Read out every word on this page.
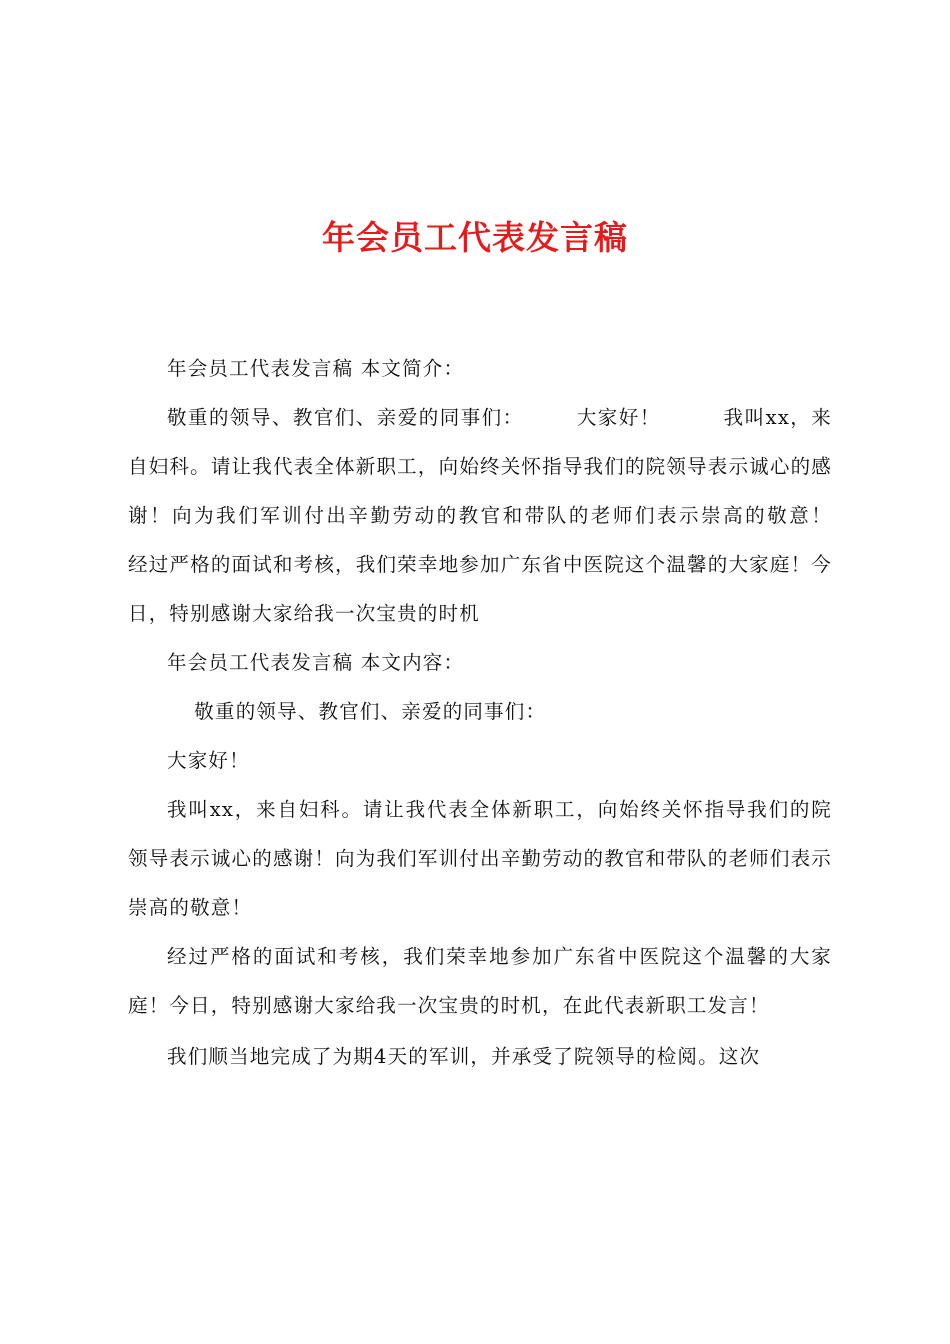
年会员工代表发言稿

年会员工代表发言稿 本文简介：

敬重的领导、教官们、亲爱的同事们：　　　大家好！　　　我叫xx，来自妇科。请让我代表全体新职工，向始终关怀指导我们的院领导表示诚心的感谢！向为我们军训付出辛勤劳动的教官和带队的老师们表示崇高的敬意！　　　经过严格的面试和考核，我们荣幸地参加广东省中医院这个温馨的大家庭！今日，特别感谢大家给我一次宝贵的时机

年会员工代表发言稿 本文内容：

敬重的领导、教官们、亲爱的同事们：

大家好！

我叫xx，来自妇科。请让我代表全体新职工，向始终关怀指导我们的院领导表示诚心的感谢！向为我们军训付出辛勤劳动的教官和带队的老师们表示崇高的敬意！

经过严格的面试和考核，我们荣幸地参加广东省中医院这个温馨的大家庭！今日，特别感谢大家给我一次宝贵的时机，在此代表新职工发言！

我们顺当地完成了为期4天的军训，并承受了院领导的检阅。这次
